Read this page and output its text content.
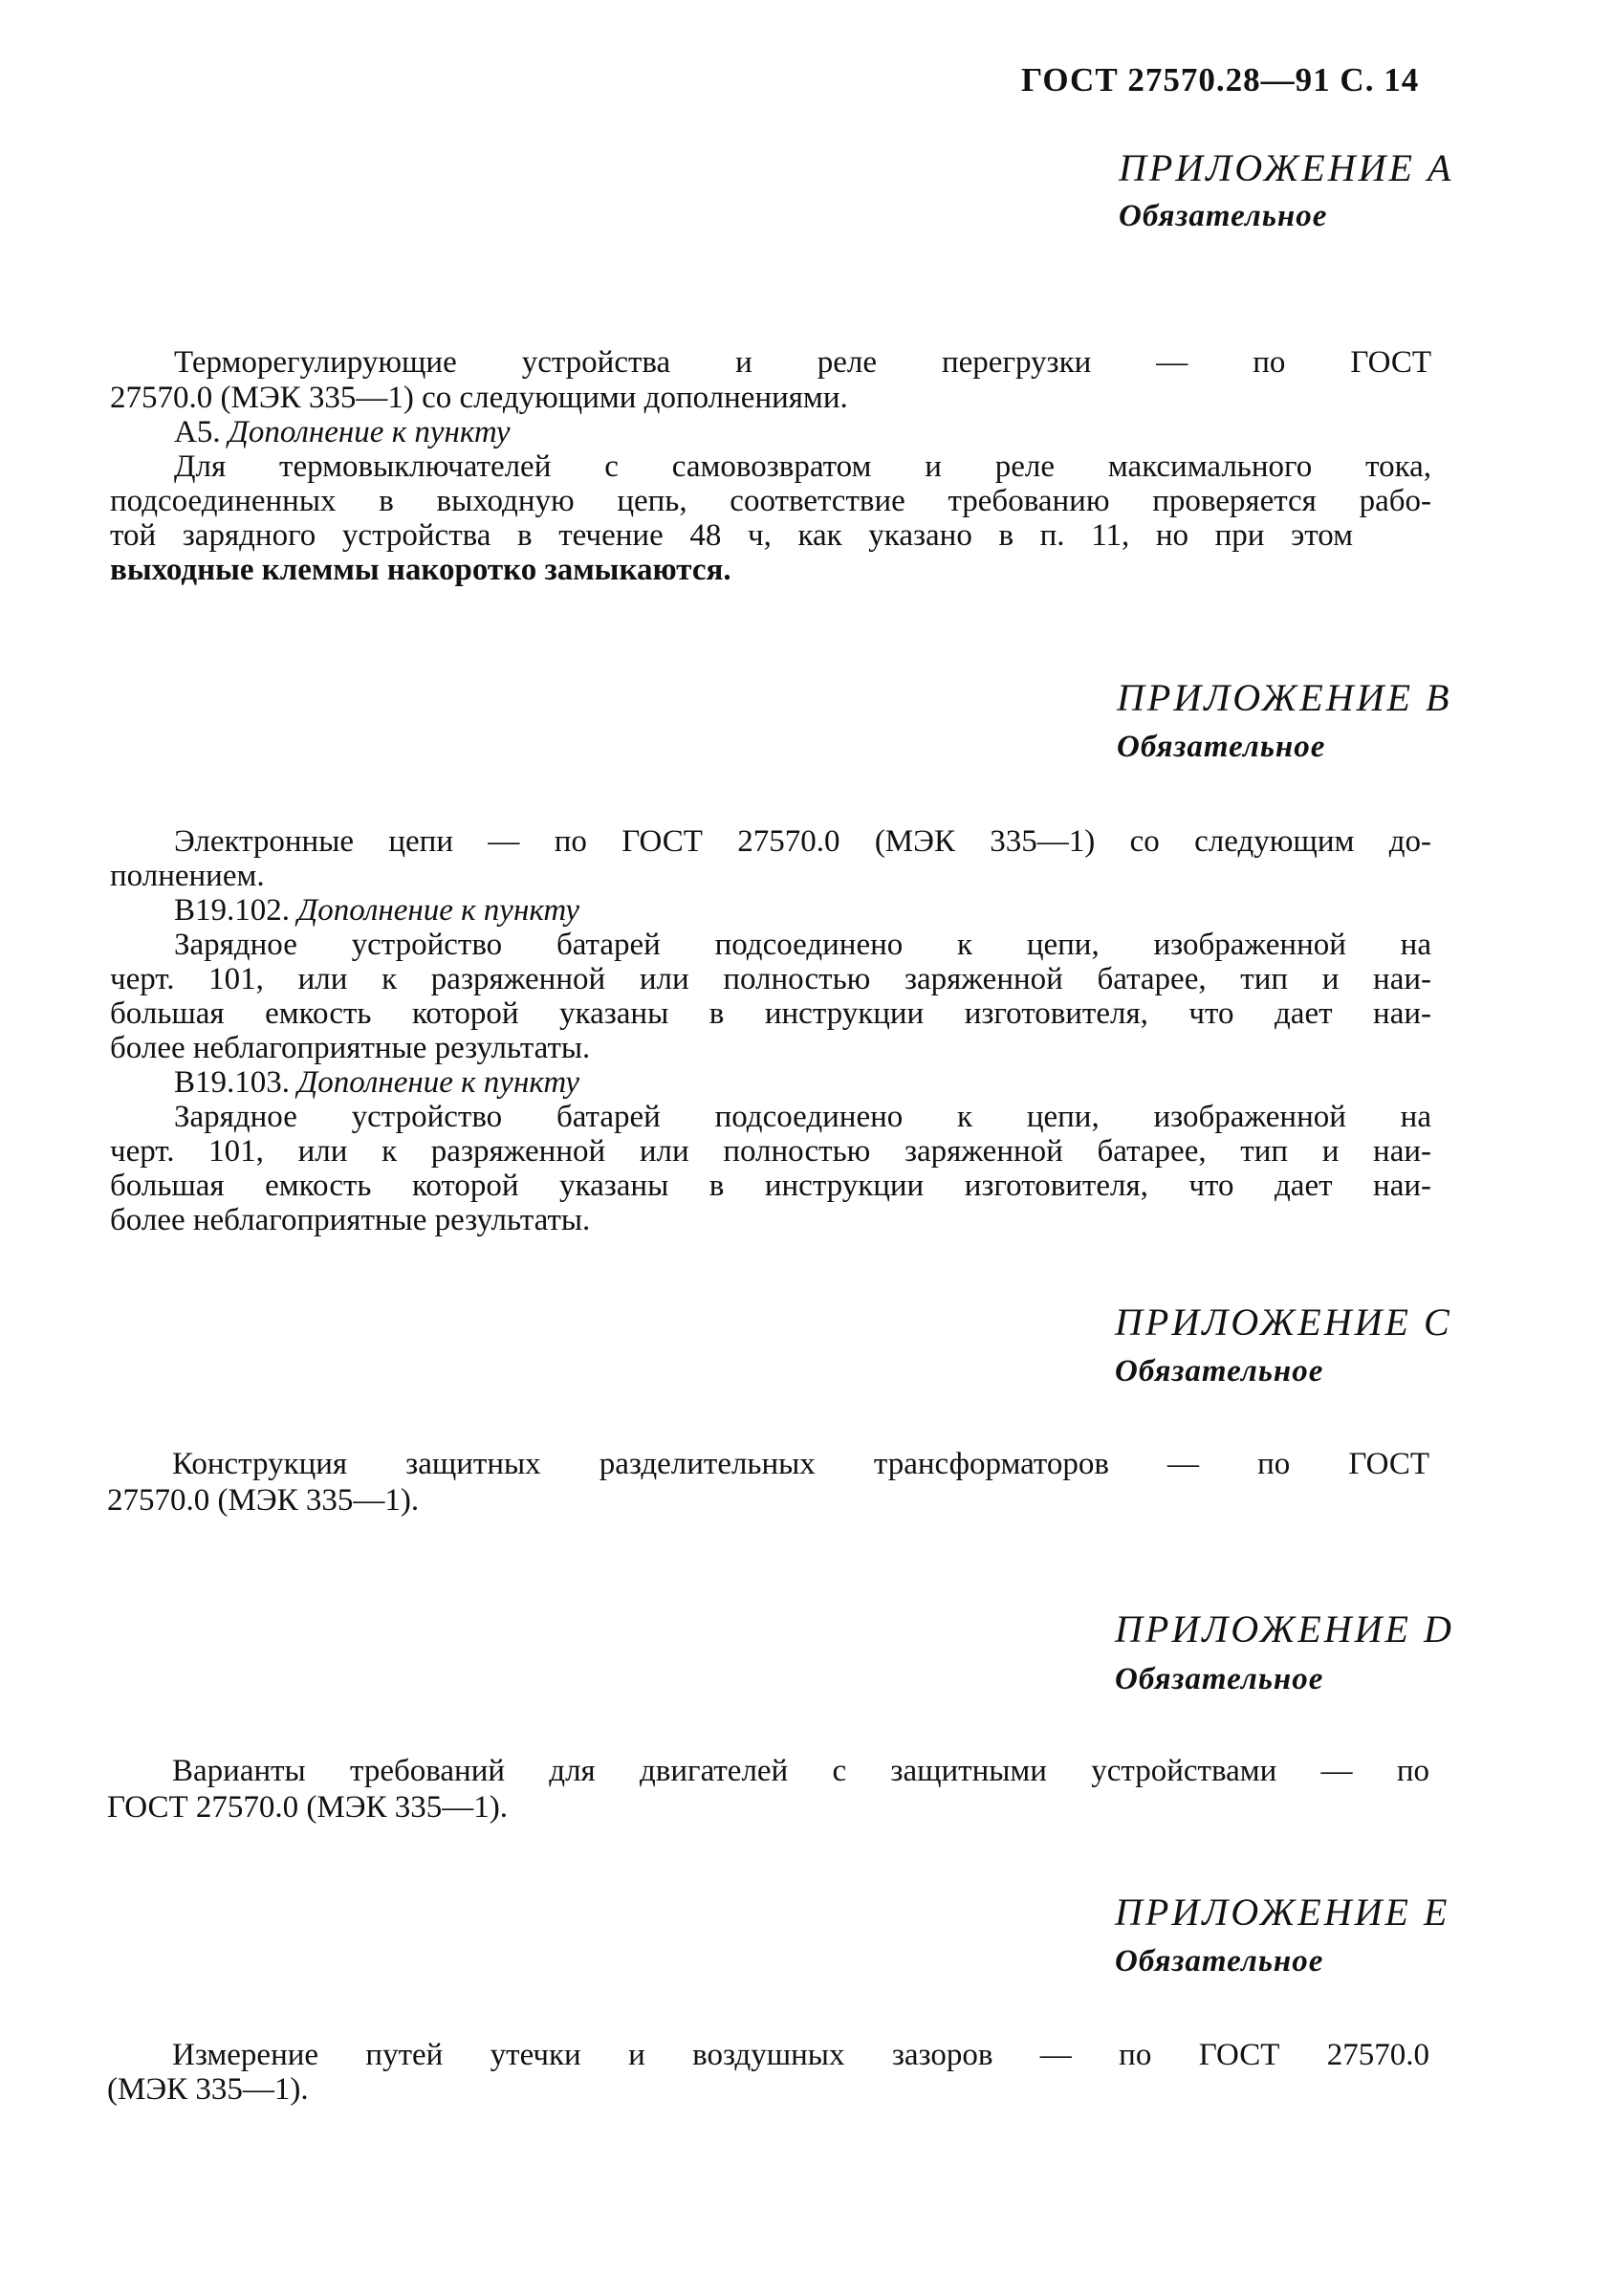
ГОСТ 27570.28—91 С. 14
ПРИЛОЖЕНИЕ А
Обязательное
Терморегулирующие устройства и реле перегрузки — по ГОСТ
27570.0 (МЭК 335—1) со следующими дополнениями.
А5. Дополнение к пункту
Для термовыключателей с самовозвратом и реле максимального тока,
подсоединенных в выходную цепь, соответствие требованию проверяется рабо-
той зарядного устройства в течение 48 ч, как указано в п. 11, но при этом
выходные клеммы накоротко замыкаются.
ПРИЛОЖЕНИЕ В
Обязательное
Электронные цепи — по ГОСТ 27570.0 (МЭК 335—1) со следующим до-
полнением.
В19.102. Дополнение к пункту
Зарядное устройство батарей подсоединено к цепи, изображенной на
черт. 101, или к разряженной или полностью заряженной батарее, тип и наи-
большая емкость которой указаны в инструкции изготовителя, что дает наи-
более неблагоприятные результаты.
В19.103. Дополнение к пункту
Зарядное устройство батарей подсоединено к цепи, изображенной на
черт. 101, или к разряженной или полностью заряженной батарее, тип и наи-
большая емкость которой указаны в инструкции изготовителя, что дает наи-
более неблагоприятные результаты.
ПРИЛОЖЕНИЕ С
Обязательное
Конструкция защитных разделительных трансформаторов — по ГОСТ
27570.0 (МЭК 335—1).
ПРИЛОЖЕНИЕ D
Обязательное
Варианты требований для двигателей с защитными устройствами — по
ГОСТ 27570.0 (МЭК 335—1).
ПРИЛОЖЕНИЕ Е
Обязательное
Измерение путей утечки и воздушных зазоров — по ГОСТ 27570.0
(МЭК 335—1).
